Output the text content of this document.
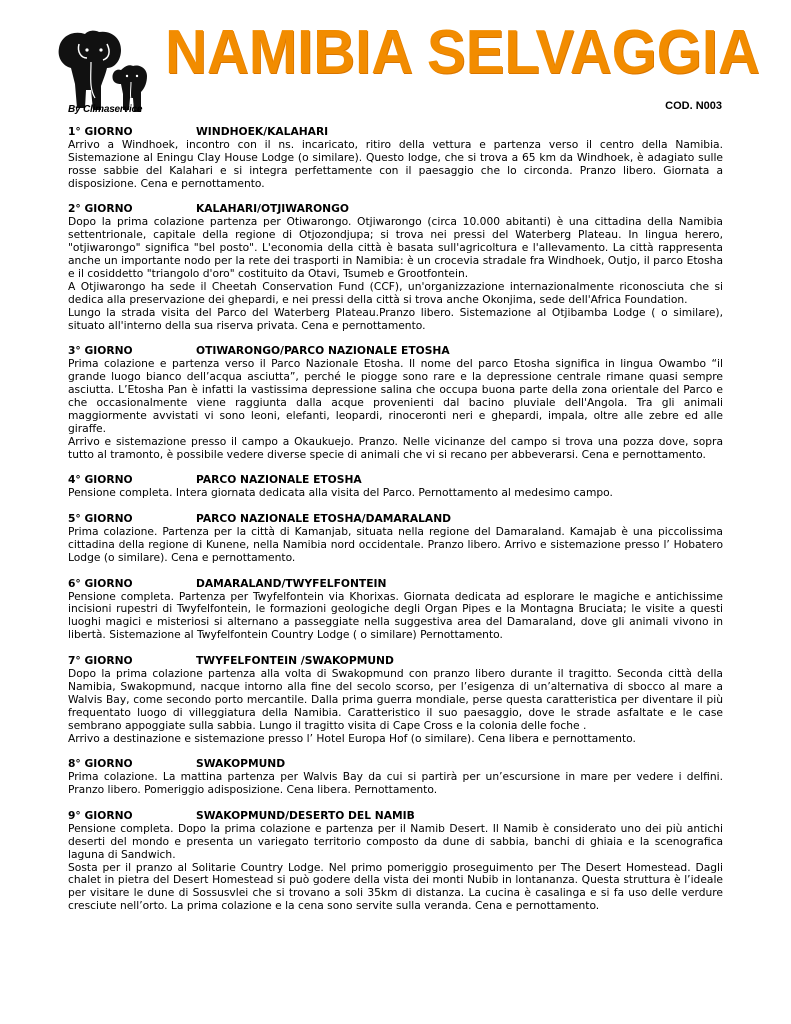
By Climaservice
NAMIBIA SELVAGGIA
COD. N003
1° GIORNO	WINDHOEK/KALAHARI

Arrivo a Windhoek, incontro con il ns. incaricato, ritiro della vettura e partenza verso il centro della Namibia. Sistemazione al Eningu Clay House Lodge (o similare). Questo lodge, che si trova a 65 km da Windhoek, è adagiato sulle rosse sabbie del Kalahari e si integra perfettamente con il paesaggio che lo circonda. Pranzo libero. Giornata a disposizione. Cena e pernottamento.

2° GIORNO	KALAHARI/OTJIWARONGO

Dopo la prima colazione partenza per Otiwarongo. Otjiwarongo (circa 10.000 abitanti) è una cittadina della Namibia settentrionale, capitale della regione di Otjozondjupa; si trova nei pressi del Waterberg Plateau. In lingua herero, "otjiwarongo" significa "bel posto". L'economia della città è basata sull'agricoltura e l'allevamento. La città rappresenta anche un importante nodo per la rete dei trasporti in Namibia: è un crocevia stradale fra Windhoek, Outjo, il parco Etosha e il cosiddetto "triangolo d'oro" costituito da Otavi, Tsumeb e Grootfontein.

A Otjiwarongo ha sede il Cheetah Conservation Fund (CCF), un'organizzazione internazionalmente riconosciuta che si dedica alla preservazione dei ghepardi, e nei pressi della città si trova anche Okonjima, sede dell'Africa Foundation.

Lungo la strada visita del Parco del Waterberg Plateau.Pranzo libero. Sistemazione al Otjibamba Lodge ( o similare), situato all'interno della sua riserva privata. Cena e pernottamento.

3° GIORNO	OTIWARONGO/PARCO NAZIONALE ETOSHA

Prima colazione e partenza verso il Parco Nazionale Etosha. Il nome del parco Etosha significa in lingua Owambo “il grande luogo bianco dell’acqua asciutta”, perché le piogge sono rare e la depressione centrale rimane quasi sempre asciutta. L’Etosha Pan è infatti la vastissima depressione salina che occupa buona parte della zona orientale del Parco e che occasionalmente viene raggiunta dalla acque provenienti dal bacino pluviale dell'Angola. Tra gli animali maggiormente avvistati vi sono leoni, elefanti, leopardi, rinoceronti neri e ghepardi, impala, oltre alle zebre ed alle giraffe.

Arrivo e sistemazione presso il campo a Okaukuejo. Pranzo. Nelle vicinanze del campo si trova una pozza dove, sopra tutto al tramonto, è possibile vedere diverse specie di animali che vi si recano per abbeverarsi. Cena e pernottamento.

4° GIORNO	PARCO NAZIONALE ETOSHA

Pensione completa. Intera giornata dedicata alla visita del Parco. Pernottamento al medesimo campo.

5° GIORNO	PARCO NAZIONALE ETOSHA/DAMARALAND

Prima colazione. Partenza per la città di Kamanjab, situata nella regione del Damaraland. Kamajab è una piccolissima cittadina della regione di Kunene, nella Namibia nord occidentale. Pranzo libero. Arrivo e sistemazione presso l’ Hobatero Lodge (o similare). Cena e pernottamento.

6° GIORNO	DAMARALAND/TWYFELFONTEIN

Pensione completa. Partenza per Twyfelfontein via Khorixas. Giornata dedicata ad esplorare le magiche e antichissime incisioni rupestri di Twyfelfontein, le formazioni geologiche degli Organ Pipes e la Montagna Bruciata; le visite a questi luoghi magici e misteriosi si alternano a passeggiate nella suggestiva area del Damaraland, dove gli animali vivono in libertà. Sistemazione al Twyfelfontein Country Lodge ( o similare) Pernottamento.

7° GIORNO	TWYFELFONTEIN /SWAKOPMUND

Dopo la prima colazione partenza alla volta di Swakopmund con pranzo libero durante il tragitto. Seconda città della Namibia, Swakopmund, nacque intorno alla fine del secolo scorso, per l’esigenza di un’alternativa di sbocco al mare a Walvis Bay, come secondo porto mercantile. Dalla prima guerra mondiale, perse questa caratteristica per diventare il più frequentato luogo di villeggiatura della Namibia. Caratteristico il suo paesaggio, dove le strade asfaltate e le case sembrano appoggiate sulla sabbia. Lungo il tragitto visita di Cape Cross e la colonia delle foche .

Arrivo a destinazione e sistemazione presso l’ Hotel Europa Hof (o similare). Cena libera e pernottamento.

8° GIORNO	SWAKOPMUND

Prima colazione. La mattina partenza per Walvis Bay da cui si partirà per un’escursione in mare per vedere i delfini. Pranzo libero. Pomeriggio adisposizione. Cena libera. Pernottamento.

9° GIORNO	SWAKOPMUND/DESERTO DEL NAMIB

Pensione completa. Dopo la prima colazione e partenza per il Namib Desert. Il Namib è considerato uno dei più antichi deserti del mondo e presenta un variegato territorio composto da dune di sabbia, banchi di ghiaia e la scenografica laguna di Sandwich.

Sosta per il pranzo al Solitarie Country Lodge. Nel primo pomeriggio proseguimento per The Desert Homestead. Dagli chalet in pietra del Desert Homestead si può godere della vista dei monti Nubib in lontananza. Questa struttura è l’ideale per visitare le dune di Sossusvlei che si trovano a soli 35km di distanza. La cucina è casalinga e si fa uso delle verdure cresciute nell’orto. La prima colazione e la cena sono servite sulla veranda. Cena e pernottamento.
